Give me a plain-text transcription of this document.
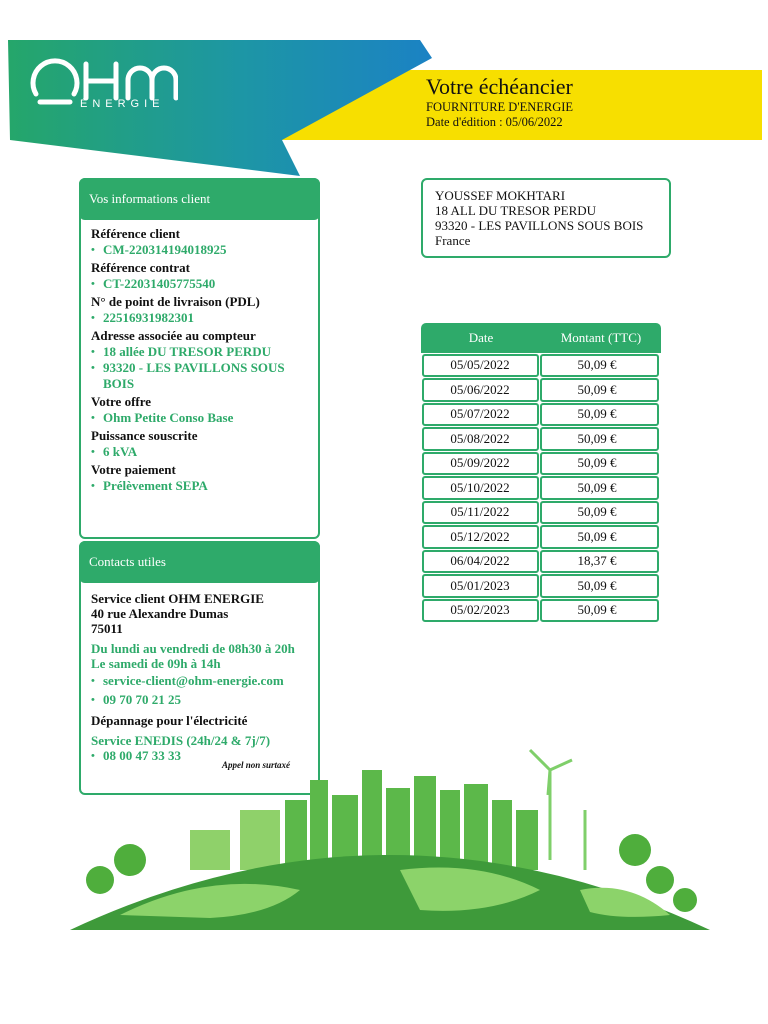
ÉNERGIE
Votre échéancier
FOURNITURE D'ENERGIE
Date d'édition : 05/06/2022
Vos informations client
Référence client
• CM-220314194018925
Référence contrat
• CT-22031405775540
N° de point de livraison (PDL)
• 22516931982301
Adresse associée au compteur
• 18 allée DU TRESOR PERDU
• 93320 - LES PAVILLONS SOUS BOIS
Votre offre
• Ohm Petite Conso Base
Puissance souscrite
• 6 kVA
Votre paiement
• Prélèvement SEPA
Contacts utiles
Service client OHM ENERGIE
40 rue Alexandre Dumas
75011
Du lundi au vendredi de 08h30 à 20h
Le samedi de 09h à 14h
• service-client@ohm-energie.com
• 09 70 70 21 25
Dépannage pour l'électricité
Service ENEDIS (24h/24 & 7j/7)
• 08 00 47 33 33
Appel non surtaxé
YOUSSEF MOKHTARI
18 ALL DU TRESOR PERDU
93320 - LES PAVILLONS SOUS BOIS
France
Date	Montant (TTC)
05/05/2022	50,09 €
05/06/2022	50,09 €
05/07/2022	50,09 €
05/08/2022	50,09 €
05/09/2022	50,09 €
05/10/2022	50,09 €
05/11/2022	50,09 €
05/12/2022	50,09 €
06/04/2022	18,37 €
05/01/2023	50,09 €
05/02/2023	50,09 €
